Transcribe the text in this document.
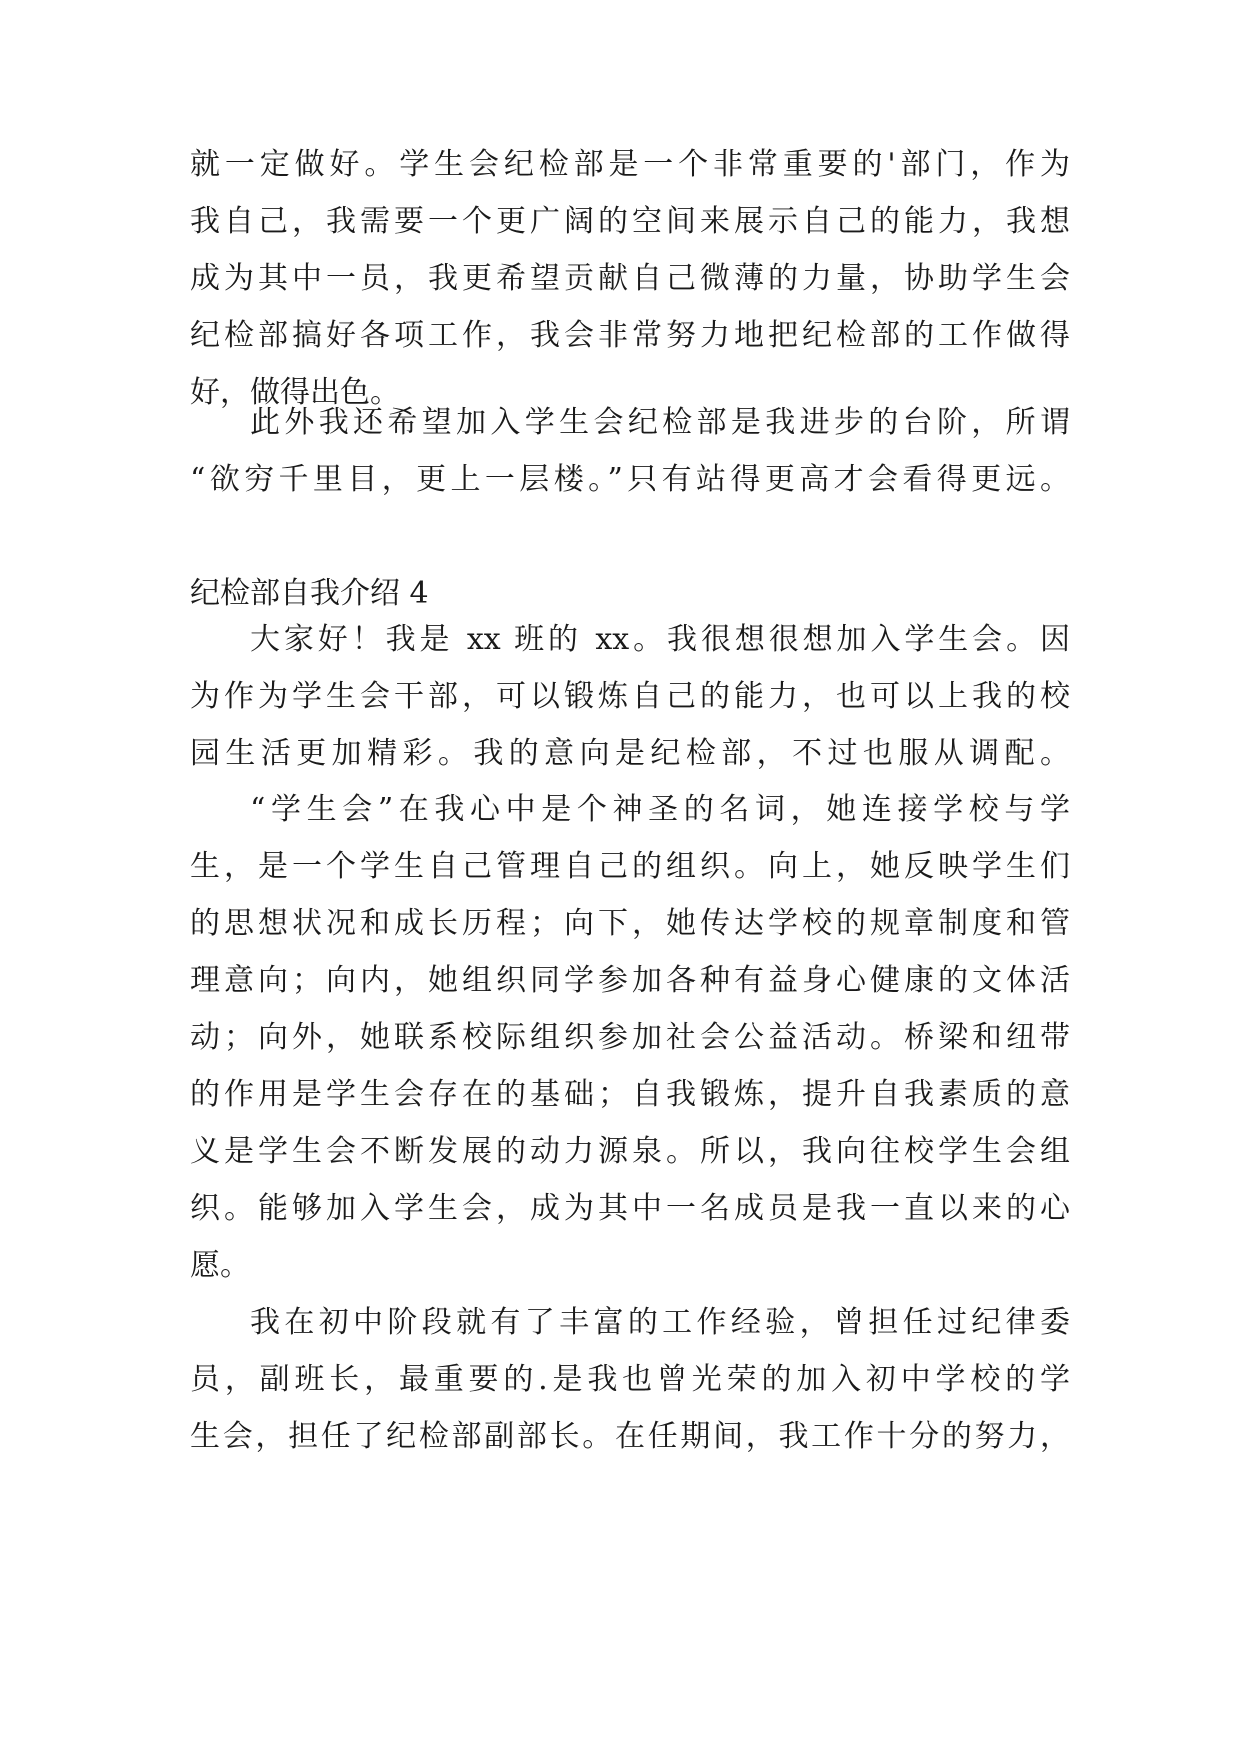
就一定做好。学生会纪检部是一个非常重要的'部门，作为
我自己，我需要一个更广阔的空间来展示自己的能力，我想
成为其中一员，我更希望贡献自己微薄的力量，协助学生会
纪检部搞好各项工作，我会非常努力地把纪检部的工作做得
好，做得出色。
此外我还希望加入学生会纪检部是我进步的台阶，所谓
“欲穷千里目，更上一层楼。”只有站得更高才会看得更远。
纪检部自我介绍 4
大家好！我是 xx 班的 xx。我很想很想加入学生会。因
为作为学生会干部，可以锻炼自己的能力，也可以上我的校
园生活更加精彩。我的意向是纪检部，不过也服从调配。
“学生会”在我心中是个神圣的名词，她连接学校与学
生，是一个学生自己管理自己的组织。向上，她反映学生们
的思想状况和成长历程；向下，她传达学校的规章制度和管
理意向；向内，她组织同学参加各种有益身心健康的文体活
动；向外，她联系校际组织参加社会公益活动。桥梁和纽带
的作用是学生会存在的基础；自我锻炼，提升自我素质的意
义是学生会不断发展的动力源泉。所以，我向往校学生会组
织。能够加入学生会，成为其中一名成员是我一直以来的心
愿。
我在初中阶段就有了丰富的工作经验，曾担任过纪律委
员，副班长，最重要的.是我也曾光荣的加入初中学校的学
生会，担任了纪检部副部长。在任期间，我工作十分的努力，
